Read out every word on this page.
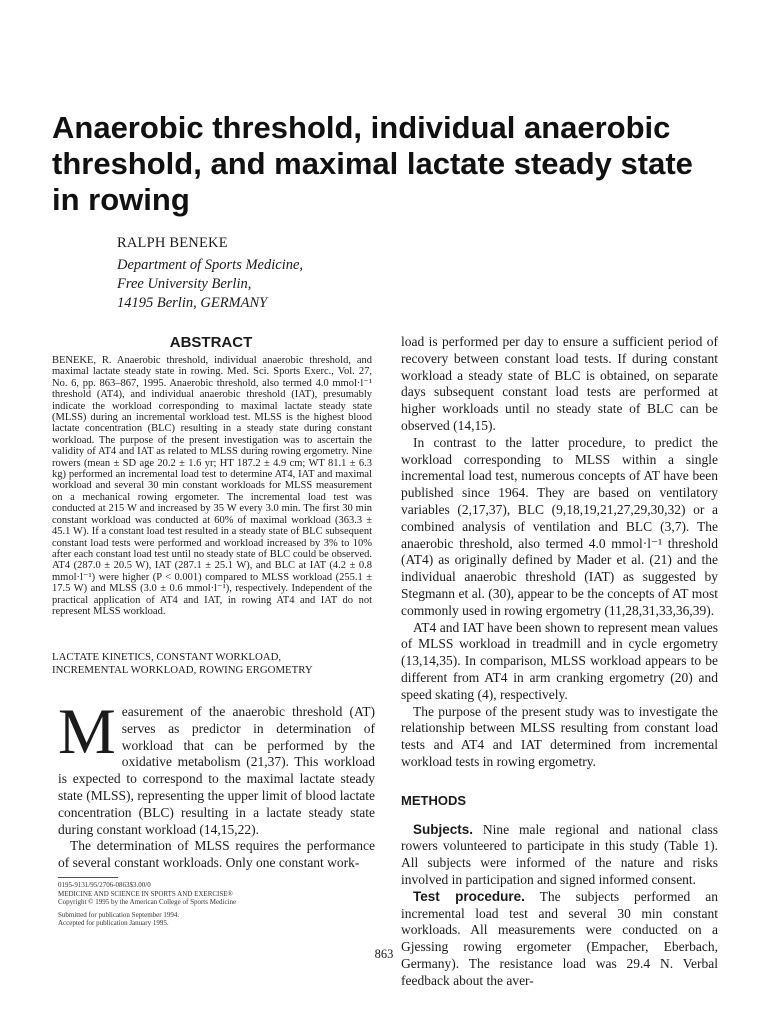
Anaerobic threshold, individual anaerobic
threshold, and maximal lactate steady state
in rowing
RALPH BENEKE
Department of Sports Medicine,
Free University Berlin,
14195 Berlin, GERMANY
ABSTRACT

BENEKE, R. Anaerobic threshold, individual anaerobic threshold, and maximal lactate steady state in rowing. Med. Sci. Sports Exerc., Vol. 27, No. 6, pp. 863–867, 1995. Anaerobic threshold, also termed 4.0 mmol·l⁻¹ threshold (AT4), and individual anaerobic threshold (IAT), presumably indicate the workload corresponding to maximal lactate steady state (MLSS) during an incremental workload test. MLSS is the highest blood lactate concentration (BLC) resulting in a steady state during constant workload. The purpose of the present investigation was to ascertain the validity of AT4 and IAT as related to MLSS during rowing ergometry. Nine rowers (mean ± SD age 20.2 ± 1.6 yr; HT 187.2 ± 4.9 cm; WT 81.1 ± 6.3 kg) performed an incremental load test to determine AT4, IAT and maximal workload and several 30 min constant workloads for MLSS measurement on a mechanical rowing ergometer. The incremental load test was conducted at 215 W and increased by 35 W every 3.0 min. The first 30 min constant workload was conducted at 60% of maximal workload (363.3 ± 45.1 W). If a constant load test resulted in a steady state of BLC subsequent constant load tests were performed and workload increased by 3% to 10% after each constant load test until no steady state of BLC could be observed. AT4 (287.0 ± 20.5 W), IAT (287.1 ± 25.1 W), and BLC at IAT (4.2 ± 0.8 mmol·l⁻¹) were higher (P < 0.001) compared to MLSS workload (255.1 ± 17.5 W) and MLSS (3.0 ± 0.6 mmol·l⁻¹), respectively. Independent of the practical application of AT4 and IAT, in rowing AT4 and IAT do not represent MLSS workload.

LACTATE KINETICS, CONSTANT WORKLOAD,
INCREMENTAL WORKLOAD, ROWING ERGOMETRY

Measurement of the anaerobic threshold (AT) serves as predictor in determination of workload that can be performed by the oxidative metabolism (21,37). This workload is expected to correspond to the maximal lactate steady state (MLSS), representing the upper limit of blood lactate concentration (BLC) resulting in a lactate steady state during constant workload (14,15,22).

The determination of MLSS requires the performance of several constant workloads. Only one constant work-

0195-9131/95/2706-0863$3.00/0
MEDICINE AND SCIENCE IN SPORTS AND EXERCISE®
Copyright © 1995 by the American College of Sports Medicine
Submitted for publication September 1994.
Accepted for publication January 1995.

load is performed per day to ensure a sufficient period of recovery between constant load tests. If during constant workload a steady state of BLC is obtained, on separate days subsequent constant load tests are performed at higher workloads until no steady state of BLC can be observed (14,15).

In contrast to the latter procedure, to predict the workload corresponding to MLSS within a single incremental load test, numerous concepts of AT have been published since 1964. They are based on ventilatory variables (2,17,37), BLC (9,18,19,21,27,29,30,32) or a combined analysis of ventilation and BLC (3,7). The anaerobic threshold, also termed 4.0 mmol·l⁻¹ threshold (AT4) as originally defined by Mader et al. (21) and the individual anaerobic threshold (IAT) as suggested by Stegmann et al. (30), appear to be the concepts of AT most commonly used in rowing ergometry (11,28,31,33,36,39).

AT4 and IAT have been shown to represent mean values of MLSS workload in treadmill and in cycle ergometry (13,14,35). In comparison, MLSS workload appears to be different from AT4 in arm cranking ergometry (20) and speed skating (4), respectively.

The purpose of the present study was to investigate the relationship between MLSS resulting from constant load tests and AT4 and IAT determined from incremental workload tests in rowing ergometry.

METHODS

Subjects. Nine male regional and national class rowers volunteered to participate in this study (Table 1). All subjects were informed of the nature and risks involved in participation and signed informed consent.

Test procedure. The subjects performed an incremental load test and several 30 min constant workloads. All measurements were conducted on a Gjessing rowing ergometer (Empacher, Eberbach, Germany). The resistance load was 29.4 N. Verbal feedback about the aver-

863
